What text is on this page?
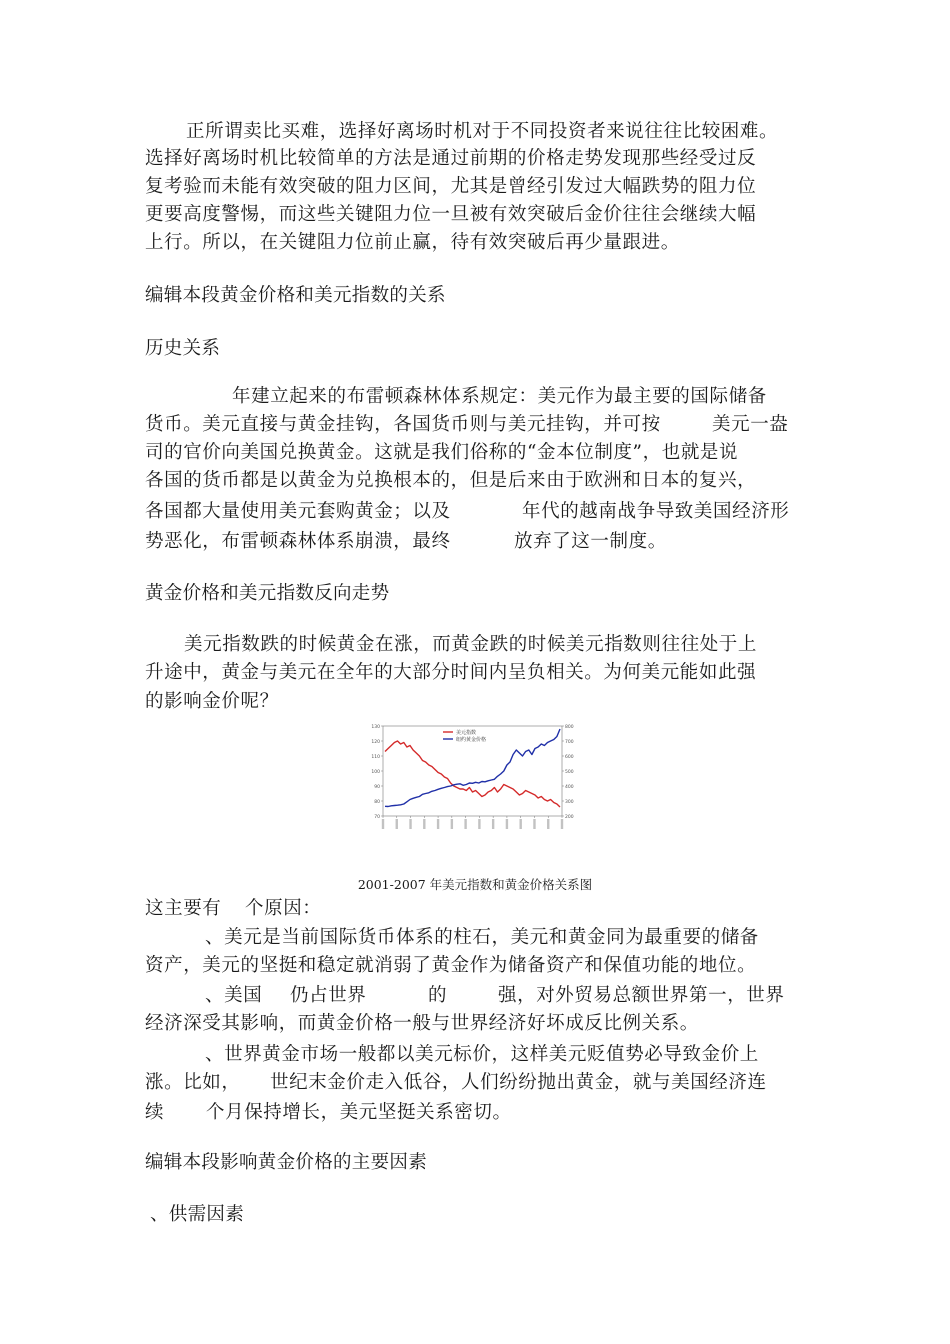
正所谓卖比买难，选择好离场时机对于不同投资者来说往往比较困难。
选择好离场时机比较简单的方法是通过前期的价格走势发现那些经受过反
复考验而未能有效突破的阻力区间，尤其是曾经引发过大幅跌势的阻力位
更要高度警惕，而这些关键阻力位一旦被有效突破后金价往往会继续大幅
上行。所以，在关键阻力位前止赢，待有效突破后再少量跟进。
编辑本段黄金价格和美元指数的关系
历史关系
年建立起来的布雷顿森林体系规定：美元作为最主要的国际储备
货币。美元直接与黄金挂钩，各国货币则与美元挂钩，并可按	美元一盎
司的官价向美国兑换黄金。这就是我们俗称的“金本位制度”，也就是说
各国的货币都是以黄金为兑换根本的，但是后来由于欧洲和日本的复兴，
各国都大量使用美元套购黄金；以及	年代的越南战争导致美国经济形
势恶化，布雷顿森林体系崩溃，最终	放弃了这一制度。
黄金价格和美元指数反向走势
美元指数跌的时候黄金在涨，而黄金跌的时候美元指数则往往处于上
升途中，黄金与美元在全年的大部分时间内呈负相关。为何美元能如此强
的影响金价呢？
70
80
90
100
110
120
130
200
300
400
500
600
700
800
美元指数
纽约黄金价格
2001-2007 年美元指数和黄金价格关系图
这主要有	个原因：
、美元是当前国际货币体系的柱石，美元和黄金同为最重要的储备
资产，美元的坚挺和稳定就消弱了黄金作为储备资产和保值功能的地位。
、美国	仍占世界	的	强，对外贸易总额世界第一，世界
经济深受其影响，而黄金价格一般与世界经济好坏成反比例关系。
、世界黄金市场一般都以美元标价，这样美元贬值势必导致金价上
涨。比如，	世纪末金价走入低谷，人们纷纷抛出黄金，就与美国经济连
续	个月保持增长，美元坚挺关系密切。
编辑本段影响黄金价格的主要因素
、供需因素
